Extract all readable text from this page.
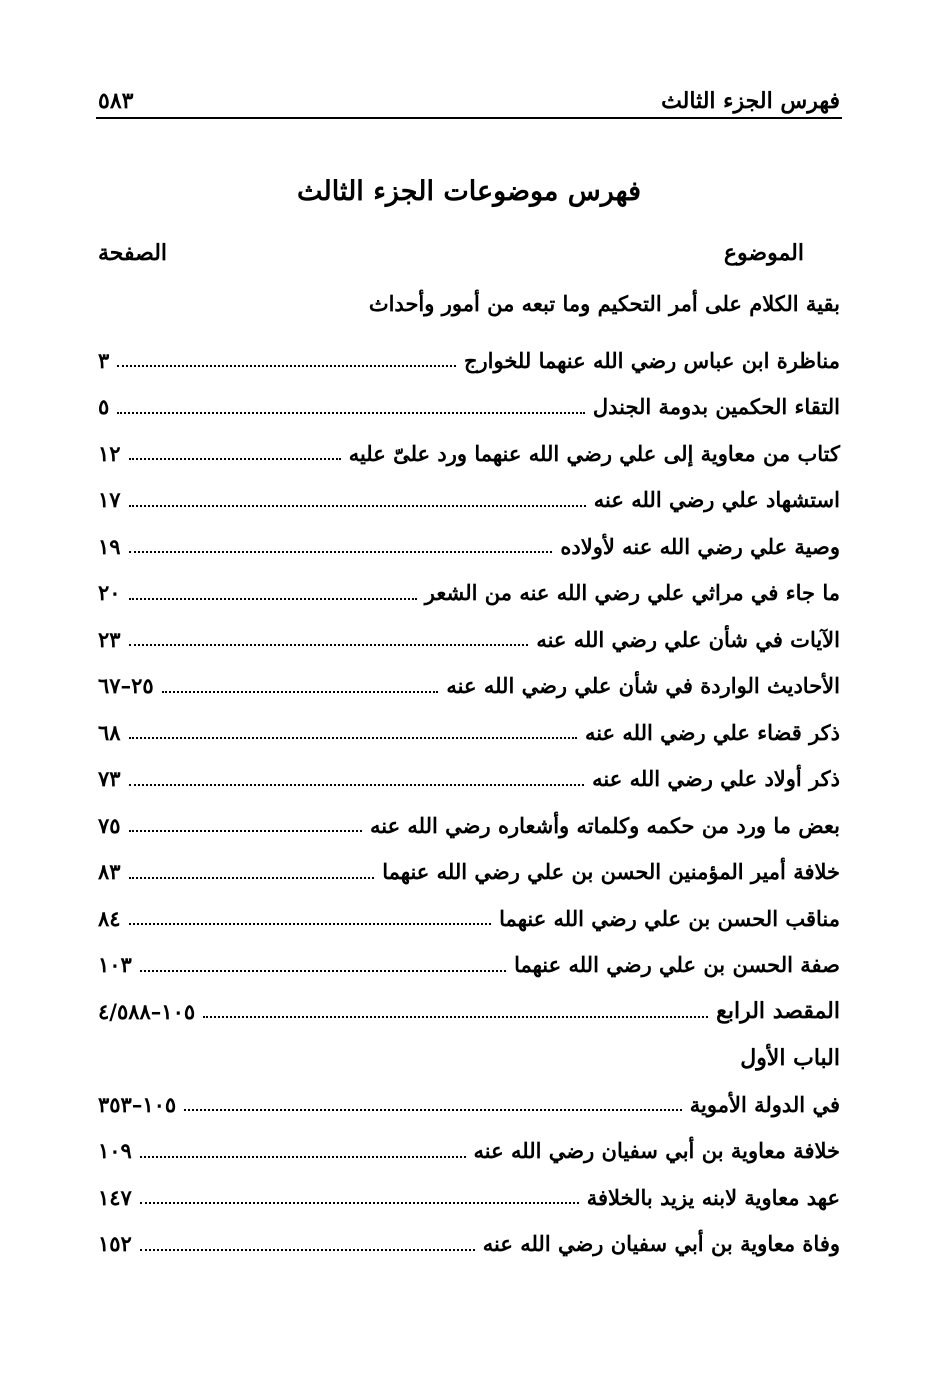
فهرس الجزء الثالث
٥٨٣
فهرس موضوعات الجزء الثالث
الموضوع
الصفحة
بقية الكلام على أمر التحكيم وما تبعه من أمور وأحداث
مناظرة ابن عباس رضي الله عنهما للخوارج
٣
التقاء الحكمين بدومة الجندل
٥
كتاب من معاوية إلى علي رضي الله عنهما ورد علىّ عليه
١٢
استشهاد علي رضي الله عنه
١٧
وصية علي رضي الله عنه لأولاده
١٩
ما جاء في مراثي علي رضي الله عنه من الشعر
٢٠
الآيات في شأن علي رضي الله عنه
٢٣
الأحاديث الواردة في شأن علي رضي الله عنه
٢٥–٦٧
ذكر قضاء علي رضي الله عنه
٦٨
ذكر أولاد علي رضي الله عنه
٧٣
بعض ما ورد من حكمه وكلماته وأشعاره رضي الله عنه
٧٥
خلافة أمير المؤمنين الحسن بن علي رضي الله عنهما
٨٣
مناقب الحسن بن علي رضي الله عنهما
٨٤
صفة الحسن بن علي رضي الله عنهما
١٠٣
المقصد الرابع
١٠٥–٤/٥٨٨
الباب الأول
في الدولة الأموية
١٠٥–٣٥٣
خلافة معاوية بن أبي سفيان رضي الله عنه
١٠٩
عهد معاوية لابنه يزيد بالخلافة
١٤٧
وفاة معاوية بن أبي سفيان رضي الله عنه
١٥٢
